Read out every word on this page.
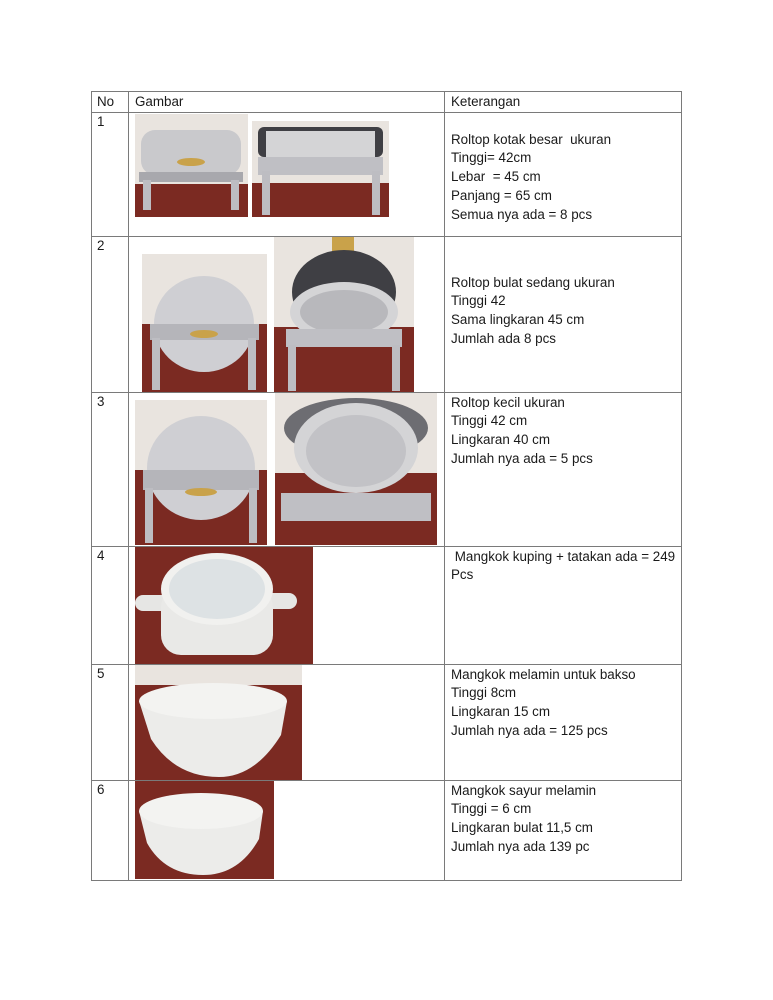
No	Gambar	Keterangan
1		Roltop kotak besar  ukuran
Tinggi= 42cm
Lebar  = 45 cm
Panjang = 65 cm
Semua nya ada = 8 pcs

2		Roltop bulat sedang ukuran
Tinggi 42
Sama lingkaran 45 cm
Jumlah ada 8 pcs

3		Roltop kecil ukuran
Tinggi 42 cm
Lingkaran 40 cm
Jumlah nya ada = 5 pcs

4		Mangkok kuping + tatakan ada = 249
Pcs

5		Mangkok melamin untuk bakso
Tinggi 8cm
Lingkaran 15 cm
Jumlah nya ada = 125 pcs

6		Mangkok sayur melamin
Tinggi = 6 cm
Lingkaran bulat 11,5 cm
Jumlah nya ada 139 pc
